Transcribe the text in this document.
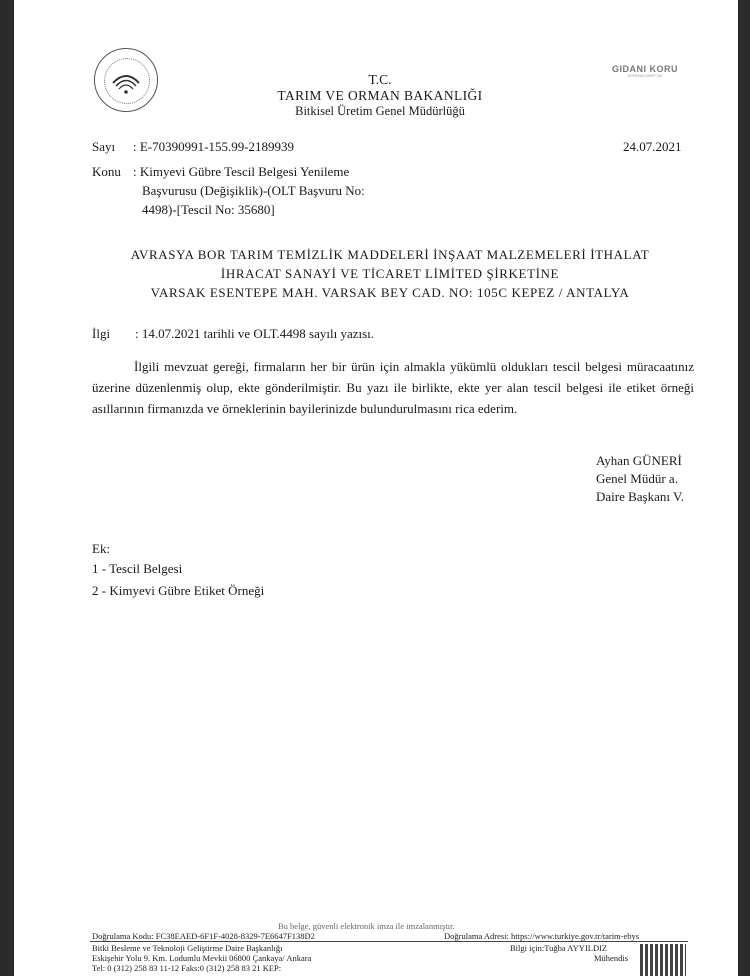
T.C.
TARIM VE ORMAN BAKANLIĞI
Bitkisel Üretim Genel Müdürlüğü
GIDANI KORU
SOFRANA SAHİP ÇIK
Sayı : E-70390991-155.99-2189939	24.07.2021
Konu : Kimyevi Gübre Tescil Belgesi Yenileme
Başvurusu (Değişiklik)-(OLT Başvuru No:
4498)-[Tescil No: 35680]
AVRASYA BOR TARIM TEMİZLİK MADDELERİ İNŞAAT MALZEMELERİ İTHALAT
İHRACAT SANAYİ VE TİCARET LİMİTED ŞİRKETİNE
VARSAK ESENTEPE MAH. VARSAK BEY CAD. NO: 105C KEPEZ / ANTALYA
İlgi : 14.07.2021 tarihli ve OLT.4498 sayılı yazısı.

İlgili mevzuat gereği, firmaların her bir ürün için almakla yükümlü oldukları tescil belgesi müracaatınız üzerine düzenlenmiş olup, ekte gönderilmiştir. Bu yazı ile birlikte, ekte yer alan tescil belgesi ile etiket örneği asıllarının firmanızda ve örneklerinin bayilerinizde bulundurulmasını rica ederim.

Ayhan GÜNERİ
Genel Müdür a.
Daire Başkanı V.
Ek:
1 - Tescil Belgesi
2 - Kimyevi Gübre Etiket Örneği
Bu belge, güvenli elektronik imza ile imzalanmıştır.
Doğrulama Kodu: FC38EAED-6F1F-4028-8329-7E6647F138D2	Doğrulama Adresi: https://www.turkiye.gov.tr/tarim-ebys
Bitki Besleme ve Teknoloji Geliştirme Daire Başkanlığı
Eskişehir Yolu 9. Km. Lodumlu Mevkii 06800 Çankaya/ Ankara
Tel: 0 (312) 258 83 11-12 Faks:0 (312) 258 83 21 KEP:
Bilgi için:Tuğba AYYILDIZ
Mühendis
